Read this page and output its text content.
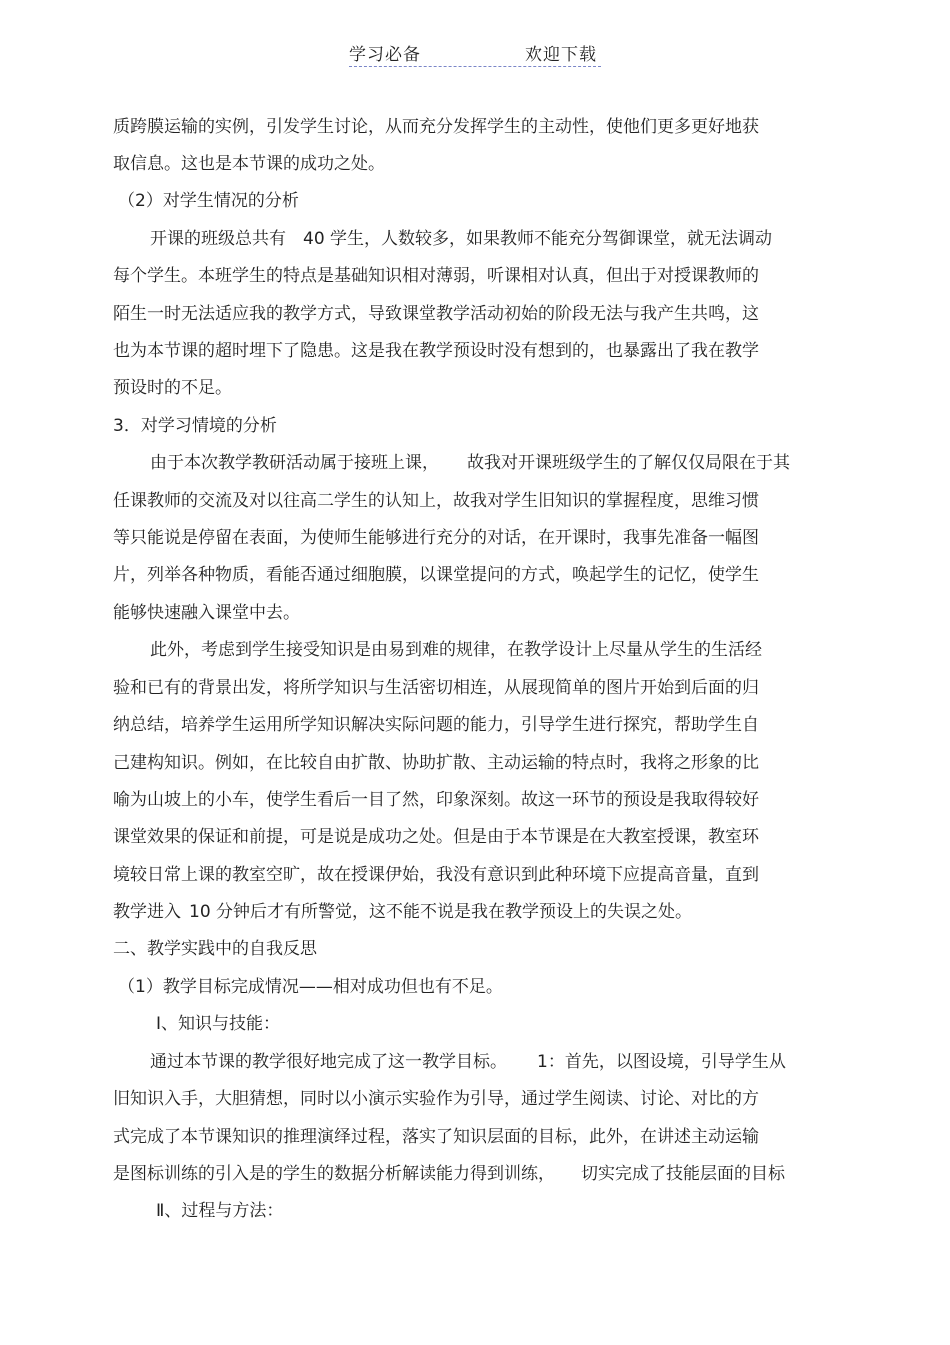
学习必备	欢迎下载
质跨膜运输的实例，引发学生讨论，从而充分发挥学生的主动性，使他们更多更好地获
取信息。这也是本节课的成功之处。
（2）对学生情况的分析
开课的班级总共有 40 学生，人数较多，如果教师不能充分驾御课堂，就无法调动
每个学生。本班学生的特点是基础知识相对薄弱，听课相对认真，但出于对授课教师的
陌生一时无法适应我的教学方式，导致课堂教学活动初始的阶段无法与我产生共鸣，这
也为本节课的超时埋下了隐患。这是我在教学预设时没有想到的，也暴露出了我在教学
预设时的不足。
3．对学习情境的分析
由于本次教学教研活动属于接班上课， 故我对开课班级学生的了解仅仅局限在于其
任课教师的交流及对以往高二学生的认知上，故我对学生旧知识的掌握程度，思维习惯
等只能说是停留在表面，为使师生能够进行充分的对话，在开课时，我事先准备一幅图
片，列举各种物质，看能否通过细胞膜，以课堂提问的方式，唤起学生的记忆，使学生
能够快速融入课堂中去。
此外，考虑到学生接受知识是由易到难的规律，在教学设计上尽量从学生的生活经
验和已有的背景出发，将所学知识与生活密切相连，从展现简单的图片开始到后面的归
纳总结，培养学生运用所学知识解决实际问题的能力，引导学生进行探究，帮助学生自
己建构知识。例如，在比较自由扩散、协助扩散、主动运输的特点时，我将之形象的比
喻为山坡上的小车，使学生看后一目了然，印象深刻。故这一环节的预设是我取得较好
课堂效果的保证和前提，可是说是成功之处。但是由于本节课是在大教室授课，教室环
境较日常上课的教室空旷，故在授课伊始，我没有意识到此种环境下应提高音量，直到
教学进入 10 分钟后才有所警觉，这不能不说是我在教学预设上的失误之处。
二、教学实践中的自我反思
（1）教学目标完成情况——相对成功但也有不足。
Ⅰ、知识与技能：
通过本节课的教学很好地完成了这一教学目标。 1：首先，以图设境，引导学生从
旧知识入手，大胆猜想，同时以小演示实验作为引导，通过学生阅读、讨论、对比的方
式完成了本节课知识的推理演绎过程，落实了知识层面的目标，此外，在讲述主动运输
是图标训练的引入是的学生的数据分析解读能力得到训练， 切实完成了技能层面的目标
Ⅱ、过程与方法：
